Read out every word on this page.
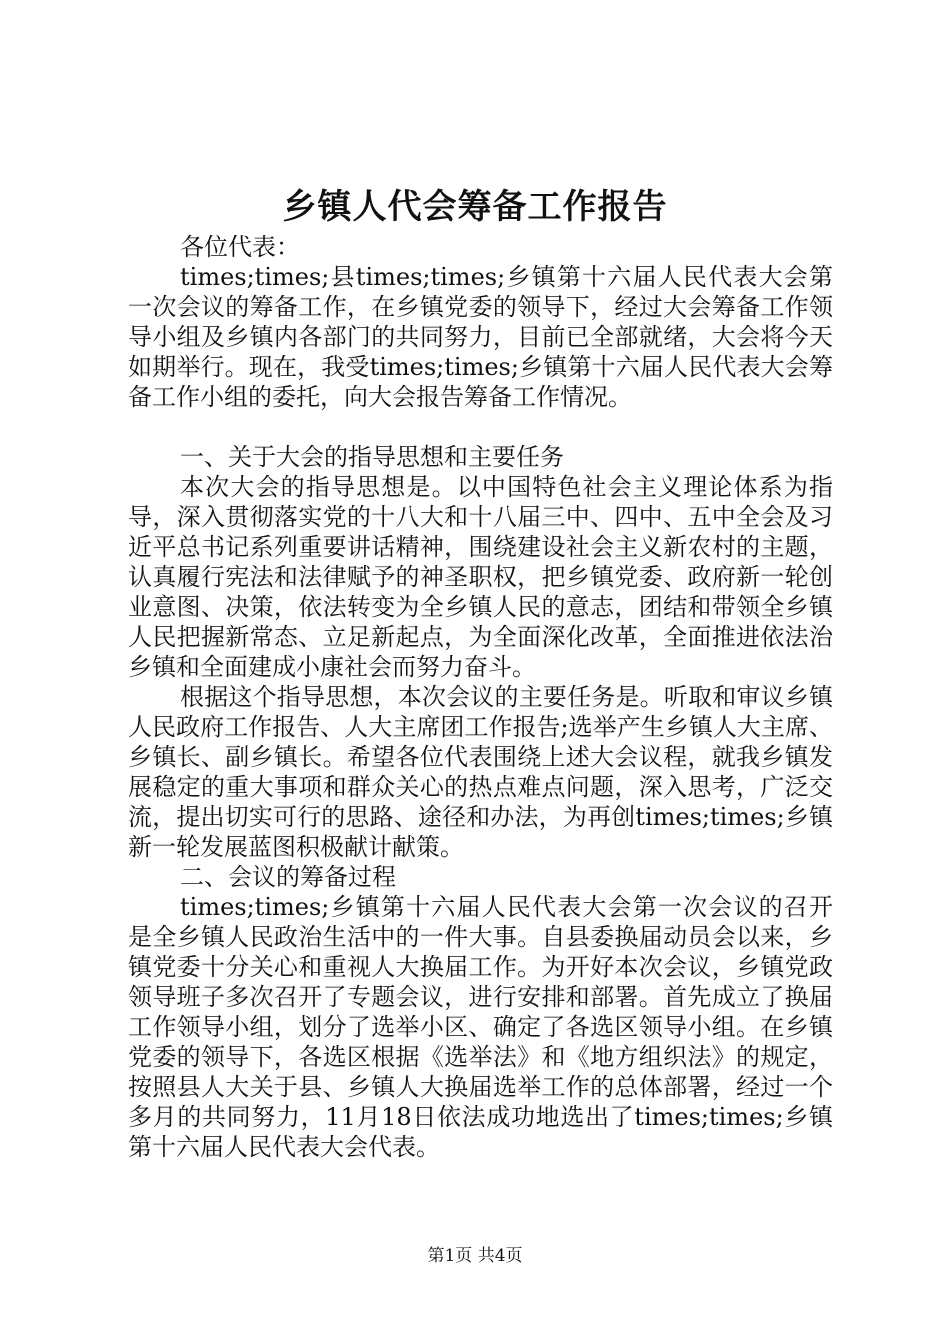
乡镇人代会筹备工作报告

各位代表：

times;times;县times;times;乡镇第十六届人民代表大会第一次会议的筹备工作，在乡镇党委的领导下，经过大会筹备工作领导小组及乡镇内各部门的共同努力，目前已全部就绪，大会将今天如期举行。现在，我受times;times;乡镇第十六届人民代表大会筹备工作小组的委托，向大会报告筹备工作情况。

一、关于大会的指导思想和主要任务

本次大会的指导思想是。以中国特色社会主义理论体系为指导，深入贯彻落实党的十八大和十八届三中、四中、五中全会及习近平总书记系列重要讲话精神，围绕建设社会主义新农村的主题，认真履行宪法和法律赋予的神圣职权，把乡镇党委、政府新一轮创业意图、决策，依法转变为全乡镇人民的意志，团结和带领全乡镇人民把握新常态、立足新起点，为全面深化改革，全面推进依法治乡镇和全面建成小康社会而努力奋斗。

根据这个指导思想，本次会议的主要任务是。听取和审议乡镇人民政府工作报告、人大主席团工作报告;选举产生乡镇人大主席、乡镇长、副乡镇长。希望各位代表围绕上述大会议程，就我乡镇发展稳定的重大事项和群众关心的热点难点问题，深入思考，广泛交流，提出切实可行的思路、途径和办法，为再创times;times;乡镇新一轮发展蓝图积极献计献策。

二、会议的筹备过程

times;times;乡镇第十六届人民代表大会第一次会议的召开是全乡镇人民政治生活中的一件大事。自县委换届动员会以来，乡镇党委十分关心和重视人大换届工作。为开好本次会议，乡镇党政领导班子多次召开了专题会议，进行安排和部署。首先成立了换届工作领导小组，划分了选举小区、确定了各选区领导小组。在乡镇党委的领导下，各选区根据《选举法》和《地方组织法》的规定，按照县人大关于县、乡镇人大换届选举工作的总体部署，经过一个多月的共同努力，11月18日依法成功地选出了times;times;乡镇第十六届人民代表大会代表。

第1页 共4页
